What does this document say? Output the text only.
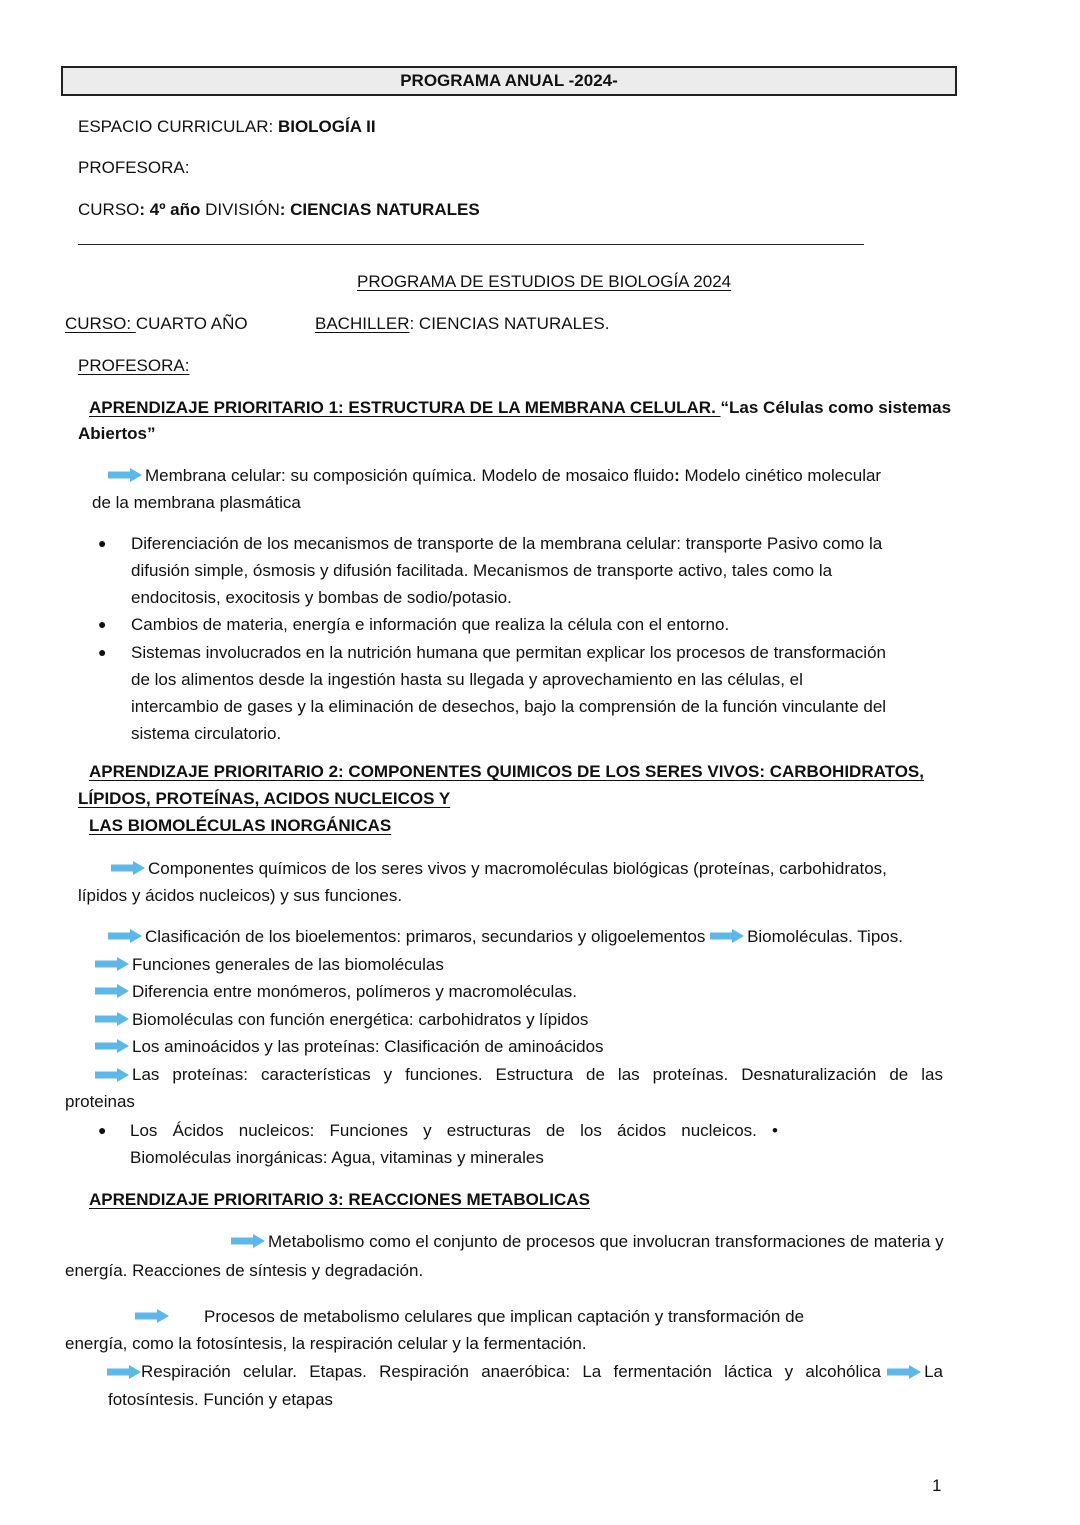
PROGRAMA ANUAL -2024-
ESPACIO CURRICULAR: BIOLOGÍA II
PROFESORA:
CURSO: 4º año DIVISIÓN: CIENCIAS NATURALES
PROGRAMA DE ESTUDIOS DE BIOLOGÍA 2024
CURSO: CUARTO AÑO	BACHILLER: CIENCIAS NATURALES.
PROFESORA:
APRENDIZAJE PRIORITARIO 1: ESTRUCTURA DE LA MEMBRANA CELULAR. “Las Células como sistemas
Abiertos”
Membrana celular: su composición química. Modelo de mosaico fluido: Modelo cinético molecular
de la membrana plasmática
● Diferenciación de los mecanismos de transporte de la membrana celular: transporte Pasivo como la
difusión simple, ósmosis y difusión facilitada. Mecanismos de transporte activo, tales como la
endocitosis, exocitosis y bombas de sodio/potasio.
● Cambios de materia, energía e información que realiza la célula con el entorno.
● Sistemas involucrados en la nutrición humana que permitan explicar los procesos de transformación
de los alimentos desde la ingestión hasta su llegada y aprovechamiento en las células, el
intercambio de gases y la eliminación de desechos, bajo la comprensión de la función vinculante del
sistema circulatorio.
APRENDIZAJE PRIORITARIO 2: COMPONENTES QUIMICOS DE LOS SERES VIVOS: CARBOHIDRATOS,
LÍPIDOS, PROTEÍNAS, ACIDOS NUCLEICOS Y
LAS BIOMOLÉCULAS INORGÁNICAS
Componentes químicos de los seres vivos y macromoléculas biológicas (proteínas, carbohidratos,
lípidos y ácidos nucleicos) y sus funciones.
Clasificación de los bioelementos: primaros, secundarios y oligoelementos
Biomoléculas. Tipos.
Funciones generales de las biomoléculas
Diferencia entre monómeros, polímeros y macromoléculas.
Biomoléculas con función energética: carbohidratos y lípidos
Los aminoácidos y las proteínas: Clasificación de aminoácidos
Las proteínas: características y funciones. Estructura de las proteínas. Desnaturalización de las
proteinas
● Los Ácidos nucleicos: Funciones y estructuras de los ácidos nucleicos. •
Biomoléculas inorgánicas: Agua, vitaminas y minerales
APRENDIZAJE PRIORITARIO 3: REACCIONES METABOLICAS
Metabolismo como el conjunto de procesos que involucran transformaciones de materia y
energía. Reacciones de síntesis y degradación.
Procesos de metabolismo celulares que implican captación y transformación de
energía, como la fotosíntesis, la respiración celular y la fermentación.
Respiración celular. Etapas. Respiración anaeróbica: La fermentación láctica y alcohólica	La
fotosíntesis. Función y etapas
1
